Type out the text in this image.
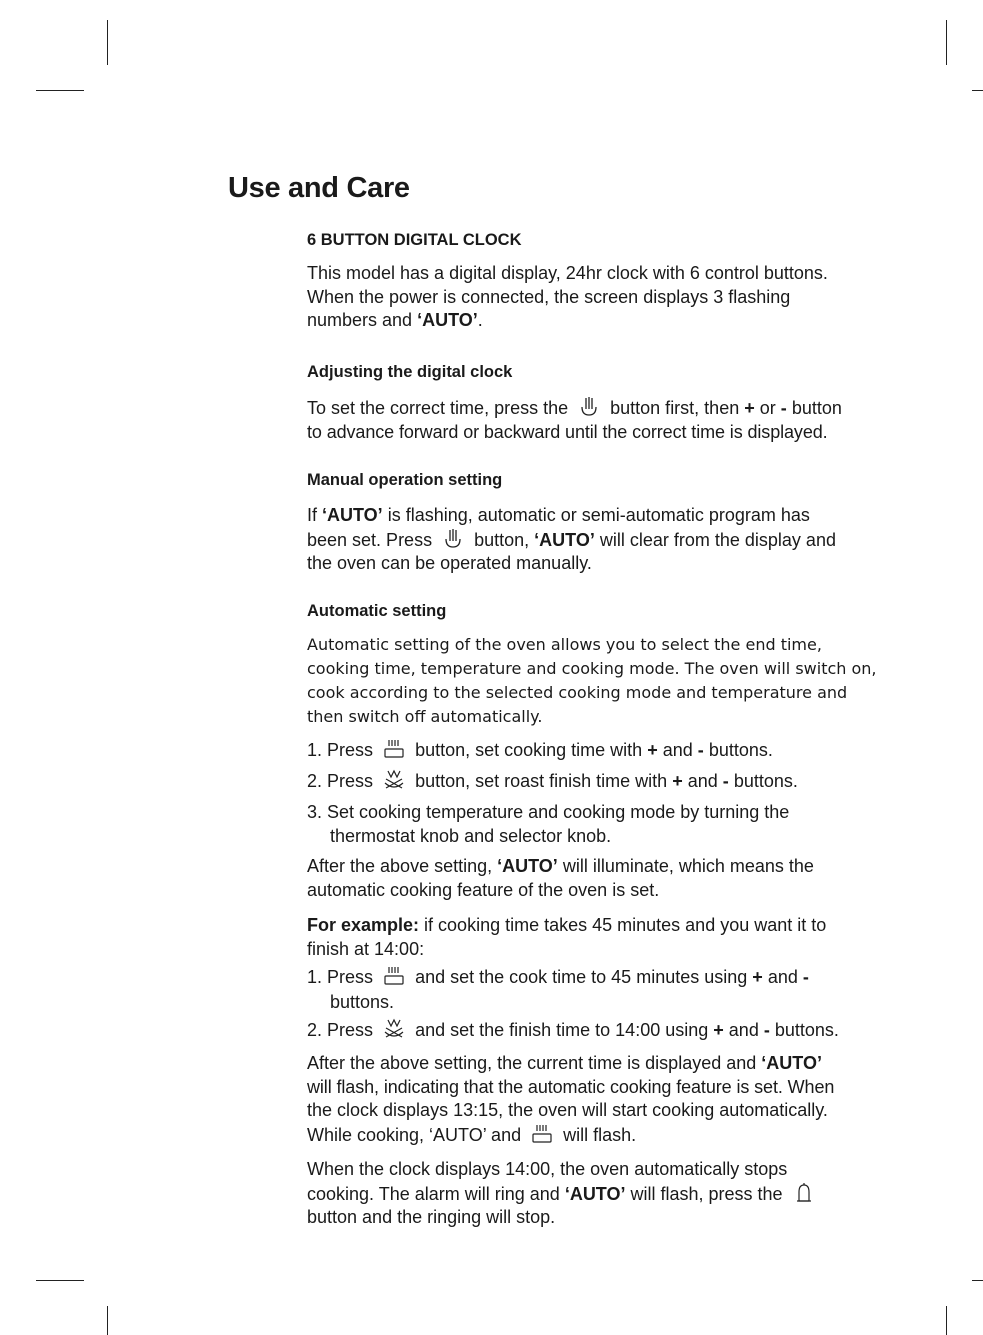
Use and Care

6 BUTTON DIGITAL CLOCK

This model has a digital display, 24hr clock with 6 control buttons.

When the power is connected, the screen displays 3 flashing

numbers and ‘AUTO’.

Adjusting the digital clock

To set the correct time, press the button first, then + or - button

to advance forward or backward until the correct time is displayed.

Manual operation setting

If ‘AUTO’ is flashing, automatic or semi-automatic program has

been set. Press button, ‘AUTO’ will clear from the display and

the oven can be operated manually.

Automatic setting

Automatic setting of the oven allows you to select the end time,

cooking time, temperature and cooking mode. The oven will switch on,

cook according to the selected cooking mode and temperature and

then switch off automatically.

1. Press button, set cooking time with + and - buttons.

2. Press button, set roast finish time with + and - buttons.

3. Set cooking temperature and cooking mode by turning the
thermostat knob and selector knob.

After the above setting, ‘AUTO’ will illuminate, which means the

automatic cooking feature of the oven is set.

For example: if cooking time takes 45 minutes and you want it to

finish at 14:00:

1. Press and set the cook time to 45 minutes using + and -
buttons.

2. Press and set the finish time to 14:00 using + and - buttons.

After the above setting, the current time is displayed and ‘AUTO’

will flash, indicating that the automatic cooking feature is set. When

the clock displays 13:15, the oven will start cooking automatically.

While cooking, ‘AUTO’ and will flash.

When the clock displays 14:00, the oven automatically stops

cooking. The alarm will ring and ‘AUTO’ will flash, press the

button and the ringing will stop.
